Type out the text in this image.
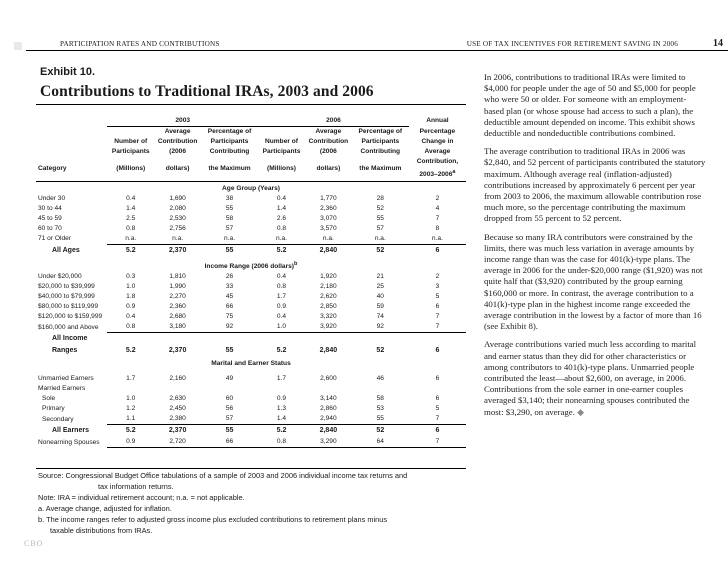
PARTICIPATION RATES AND CONTRIBUTIONS	USE OF TAX INCENTIVES FOR RETIREMENT SAVING IN 2006	14
Exhibit 10.
Contributions to Traditional IRAs, 2003 and 2006
	2003			2006			Annual
		Average	Percentage of		Average	Percentage of	Percentage
	Number of	Contribution	Participants	Number of	Contribution	Participants	Change in
	Participants	(2006	Contributing	Participants	(2006	Contributing	Average
Category	(Millions)	dollars)	the Maximum	(Millions)	dollars)	the Maximum	Contribution,
2003–2006$^a$
Age Group (Years)							
Under 30	0.4	1,690	38	0.4	1,770	28	2
30 to 44	1.4	2,080	55	1.4	2,360	52	4
45 to 59	2.5	2,530	58	2.6	3,070	55	7
60 to 70	0.8	2,756	57	0.8	3,570	57	8
71 or Older	n.a.	n.a.	n.a.	n.a.	n.a.	n.a.	n.a.
All Ages	5.2	2,370	55	5.2	2,840	52	6
Income Range (2006 dollars)$^b$
Under $20,000	0.3	1,810	26	0.4	1,920	21	2
$20,000 to $39,999	1.0	1,990	33	0.8	2,180	25	3
$40,000 to $79,999	1.8	2,270	45	1.7	2,620	40	5
$80,000 to $119,999	0.9	2,360	66	0.9	2,850	59	6
$120,000 to $159,999	0.4	2,680	75	0.4	3,320	74	7
$160,000 and Above	0.8	3,180	92	1.0	3,920	92	7
All Income							
Ranges	5.2	2,370	55	5.2	2,840	52	6
Marital and Earner Status							

Unmarried Earners	1.7	2,160	49	1.7	2,600	46	6
Married Earners							
Sole	1.0	2,630	60	0.9	3,140	58	6
Primary	1.2	2,450	56	1.3	2,860	53	5
Secondary	1.1	2,380	57	1.4	2,940	55	7
All Earners	5.2	2,370	55	5.2	2,840	52	6
Nonearning Spouses	0.9	2,720	66	0.8	3,290	64	7

Source: Congressional Budget Office tabulations of a sample of 2003 and 2006 individual income tax returns and

tax information returns.

Note: IRA = individual retirement account; n.a. = not applicable.

a. Average change, adjusted for inflation.

b. The income ranges refer to adjusted gross income plus excluded contributions to retirement plans minus

taxable distributions from IRAs.

In 2006, contributions to traditional IRAs were limited to $4,000 for people under the age of 50 and $5,000 for people who were 50 or older. For someone with an employment-based plan (or whose spouse had access to such a plan), the deductible amount depended on income. This exhibit shows deductible and nondeductible contributions combined.

The average contribution to traditional IRAs in 2006 was $2,840, and 52 percent of participants contributed the statutory maximum. Although average real (inflation-adjusted) contributions increased by approximately 6 percent per year from 2003 to 2006, the maximum allowable contribution rose much more, so the percentage contributing the maximum dropped from 55 percent to 52 percent.

Because so many IRA contributors were constrained by the limits, there was much less variation in average amounts by income range than was the case for 401(k)-type plans. The average in 2006 for the under-$20,000 range ($1,920) was not quite half that ($3,920) contributed by the group earning $160,000 or more. In contrast, the average contribution to a 401(k)-type plan in the highest income range exceeded the average contribution in the lowest by a factor of more than 16 (see Exhibit 8).

Average contributions varied much less according to marital and earner status than they did for other characteristics or among contributors to 401(k)-type plans. Unmarried people contributed the least—about $2,600, on average, in 2006. Contributions from the sole earner in one-earner couples averaged $3,140; their nonearning spouses contributed the most: $3,290, on average. ◆

CBO
